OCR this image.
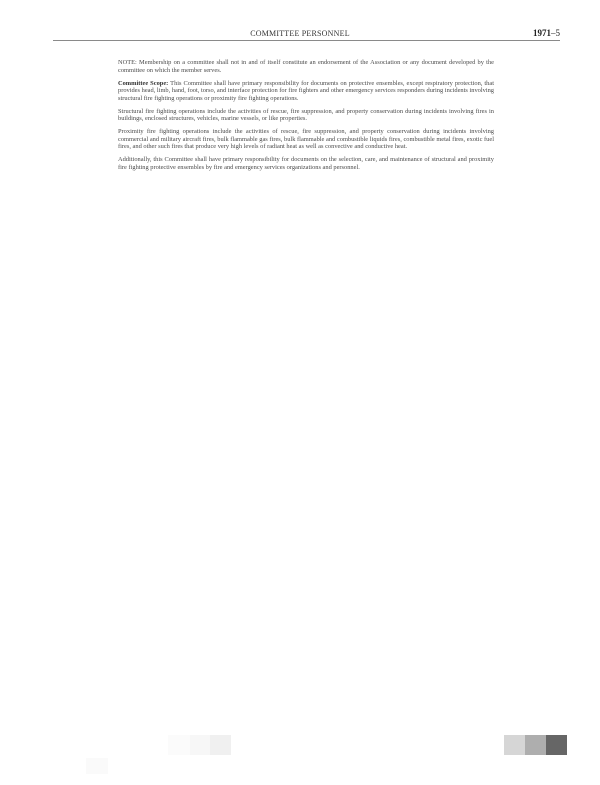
COMMITTEE PERSONNEL	1971–5

NOTE: Membership on a committee shall not in and of itself constitute an endorsement of the Association or any document developed by the committee on which the member serves.

Committee Scope: This Committee shall have primary responsibility for documents on protective ensembles, except respiratory protection, that provides head, limb, hand, foot, torso, and interface protection for fire fighters and other emergency services responders during incidents involving structural fire fighting operations or proximity fire fighting operations.

Structural fire fighting operations include the activities of rescue, fire suppression, and property conservation during incidents involving fires in buildings, enclosed structures, vehicles, marine vessels, or like properties.

Proximity fire fighting operations include the activities of rescue, fire suppression, and property conservation during incidents involving commercial and military aircraft fires, bulk flammable gas fires, bulk flammable and combustible liquids fires, combustible metal fires, exotic fuel fires, and other such fires that produce very high levels of radiant heat as well as convective and conductive heat.

Additionally, this Committee shall have primary responsibility for documents on the selection, care, and maintenance of structural and proximity fire fighting protective ensembles by fire and emergency services organizations and personnel.
